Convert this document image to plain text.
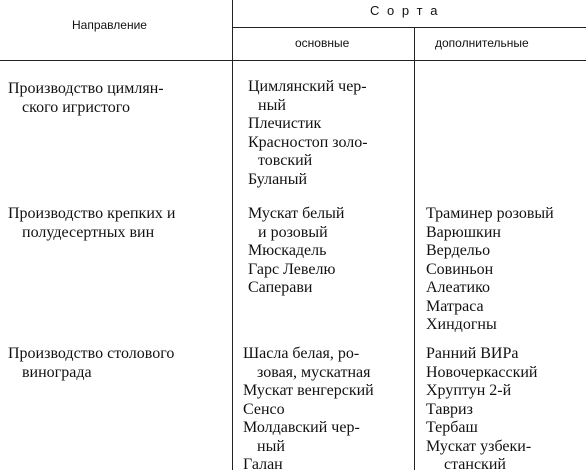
Направление
С о р т а
основные	дополнительные
Производство цимлян-
ского игристого
Цимлянский чер-
ный
Плечистик
Красностоп золо-
товский
Буланый
Производство крепких и
полудесертных вин
Мускат белый
и розовый
Мюскадель
Гарс Левелю
Саперави
Траминер розовый
Варюшкин
Вердельо
Совиньон
Алеатико
Матраса
Хиндогны
Производство столового
винограда
Шасла белая, ро-
зовая, мускатная
Мускат венгерский
Сенсо
Молдавский чер-
ный
Галан
Ранний ВИРа
Новочеркасский
Хруптун 2-й
Тавриз
Тербаш
Мускат узбеки-
станский
